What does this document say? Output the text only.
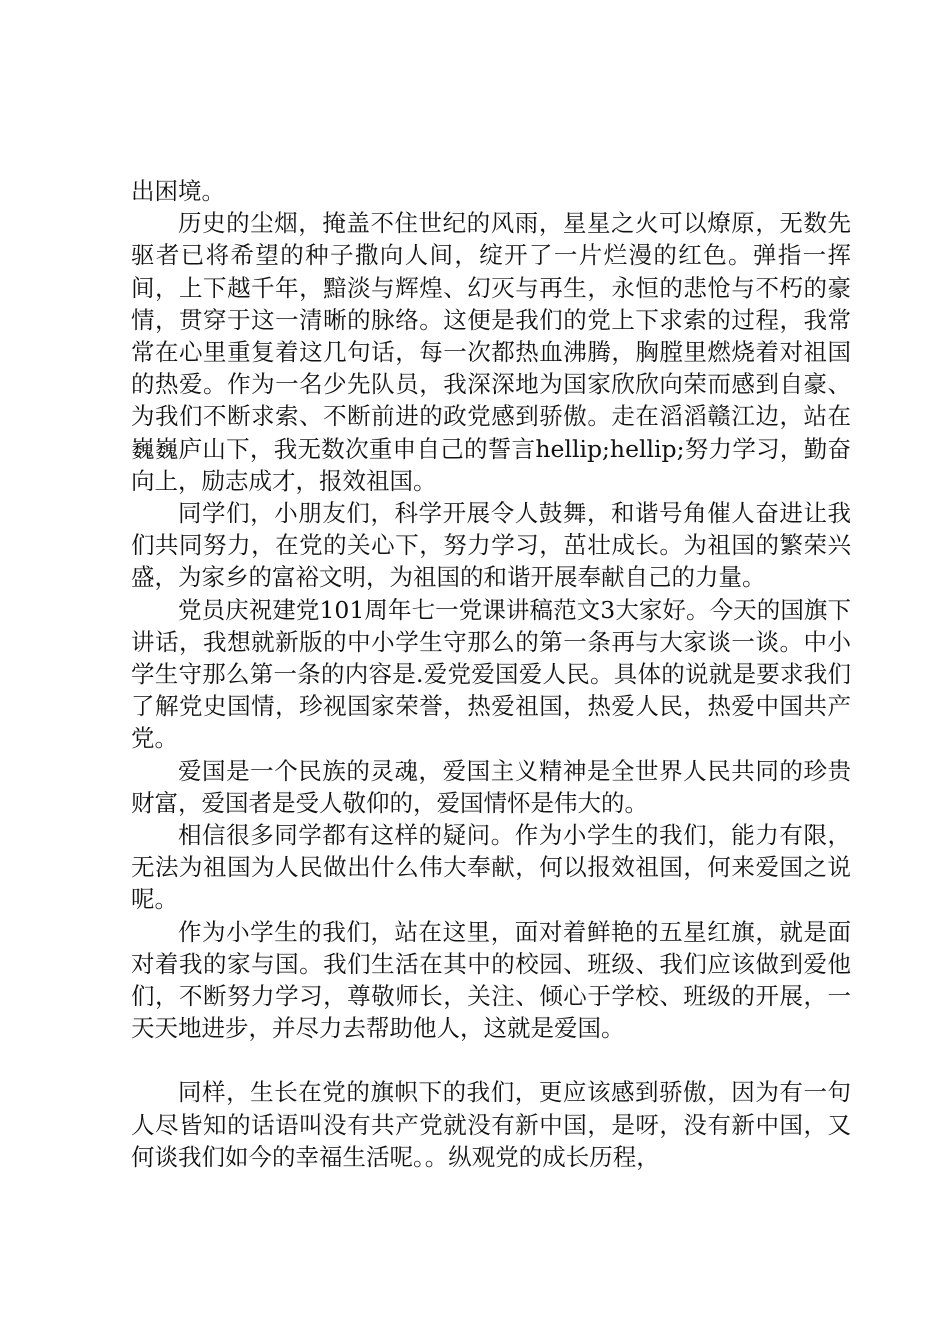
出困境。

历史的尘烟，掩盖不住世纪的风雨，星星之火可以燎原，无数先驱者已将希望的种子撒向人间，绽开了一片烂漫的红色。弹指一挥间，上下越千年，黯淡与辉煌、幻灭与再生，永恒的悲怆与不朽的豪情，贯穿于这一清晰的脉络。这便是我们的党上下求索的过程，我常常在心里重复着这几句话，每一次都热血沸腾，胸膛里燃烧着对祖国的热爱。作为一名少先队员，我深深地为国家欣欣向荣而感到自豪、为我们不断求索、不断前进的政党感到骄傲。走在滔滔赣江边，站在巍巍庐山下，我无数次重申自己的誓言hellip;hellip;努力学习，勤奋向上，励志成才，报效祖国。

同学们，小朋友们，科学开展令人鼓舞，和谐号角催人奋进让我们共同努力，在党的关心下，努力学习，茁壮成长。为祖国的繁荣兴盛，为家乡的富裕文明，为祖国的和谐开展奉献自己的力量。

党员庆祝建党101周年七一党课讲稿范文3大家好。今天的国旗下讲话，我想就新版的中小学生守那么的第一条再与大家谈一谈。中小学生守那么第一条的内容是.爱党爱国爱人民。具体的说就是要求我们了解党史国情，珍视国家荣誉，热爱祖国，热爱人民，热爱中国共产党。

爱国是一个民族的灵魂，爱国主义精神是全世界人民共同的珍贵财富，爱国者是受人敬仰的，爱国情怀是伟大的。

相信很多同学都有这样的疑问。作为小学生的我们，能力有限，无法为祖国为人民做出什么伟大奉献，何以报效祖国，何来爱国之说呢。

作为小学生的我们，站在这里，面对着鲜艳的五星红旗，就是面对着我的家与国。我们生活在其中的校园、班级、我们应该做到爱他们，不断努力学习，尊敬师长，关注、倾心于学校、班级的开展，一天天地进步，并尽力去帮助他人，这就是爱国。

同样，生长在党的旗帜下的我们，更应该感到骄傲，因为有一句人尽皆知的话语叫没有共产党就没有新中国，是呀，没有新中国，又何谈我们如今的幸福生活呢。。纵观党的成长历程，
